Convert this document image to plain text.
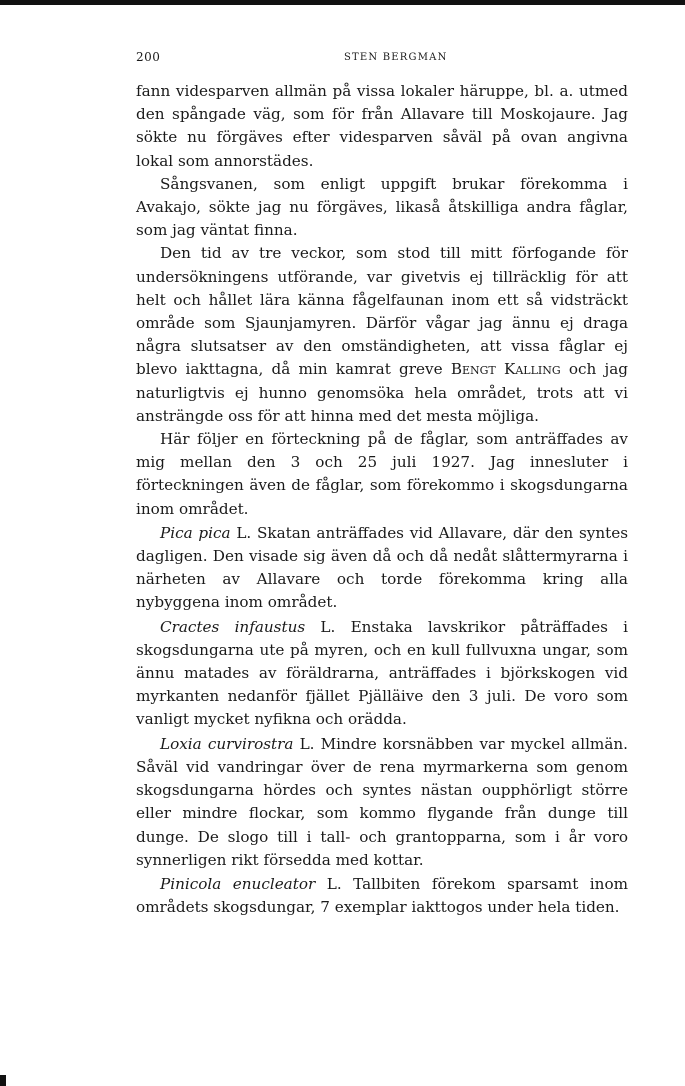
200	STEN BERGMAN

fann videsparven allmän på vissa lokaler häruppe, bl. a. utmed den spångade väg, som för från Allavare till Moskojaure. Jag sökte nu förgäves efter videsparven såväl på ovan angivna lokal som annorstädes.

Sångsvanen, som enligt uppgift brukar förekomma i Avakajo, sökte jag nu förgäves, likaså åtskilliga andra fåglar, som jag väntat finna.

Den tid av tre veckor, som stod till mitt förfogande för undersökningens utförande, var givetvis ej tillräcklig för att helt och hållet lära känna fågelfaunan inom ett så vidsträckt område som Sjaunjamyren. Därför vågar jag ännu ej draga några slutsatser av den omständigheten, att vissa fåglar ej blevo iakttagna, då min kamrat greve Bengt Kalling och jag naturligtvis ej hunno genomsöka hela området, trots att vi ansträngde oss för att hinna med det mesta möjliga.

Här följer en förteckning på de fåglar, som anträffades av mig mellan den 3 och 25 juli 1927. Jag innesluter i förteckningen även de fåglar, som förekommo i skogsdungarna inom området.

Pica pica L. Skatan anträffades vid Allavare, där den syntes dagligen. Den visade sig även då och då nedåt slåttermyrarna i närheten av Allavare och torde förekomma kring alla nybyggena inom området.

Cractes infaustus L. Enstaka lavskrikor påträffades i skogsdungarna ute på myren, och en kull fullvuxna ungar, som ännu matades av föräldrarna, anträffades i björkskogen vid myrkanten nedanför fjället Pjälläive den 3 juli. De voro som vanligt mycket nyfikna och orädda.

Loxia curvirostra L. Mindre korsnäbben var myckel allmän. Såväl vid vandringar över de rena myrmarkerna som genom skogsdungarna hördes och syntes nästan oupphörligt större eller mindre flockar, som kommo flygande från dunge till dunge. De slogo till i tall- och grantopparna, som i år voro synnerligen rikt försedda med kottar.

Pinicola enucleator L. Tallbiten förekom sparsamt inom områdets skogsdungar, 7 exemplar iakttogos under hela tiden.
